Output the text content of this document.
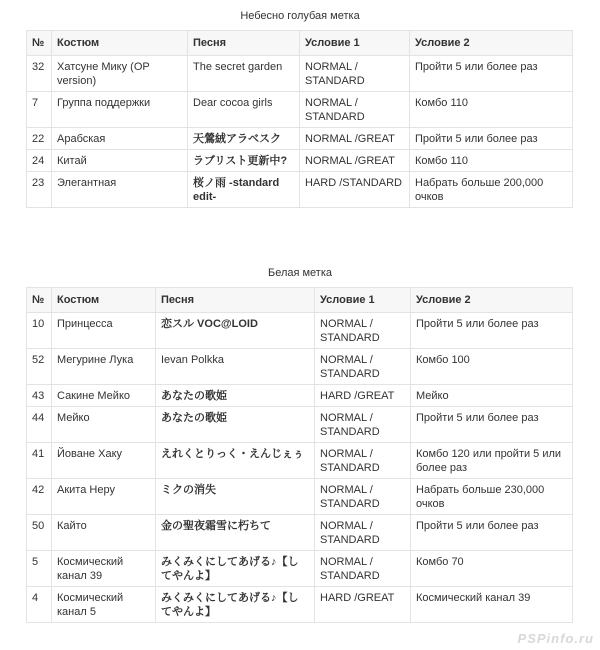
Небесно голубая метка
№	Костюм	Песня	Условие 1	Условие 2
32	Хатсуне Мику (OP version)	The secret garden	NORMAL / STANDARD	Пройти 5 или более раз
7	Группа поддержки	Dear cocoa girls	NORMAL / STANDARD	Комбо 110
22	Арабская	天鶯絨アラベスク	NORMAL /GREAT	Пройти 5 или более раз
24	Китай	ラブリスト更新中?	NORMAL /GREAT	Комбо 110
23	Элегантная	桜ノ雨 -standard edit-	HARD /STANDARD	Набрать больше 200,000 очков
Белая метка
№	Костюм	Песня	Условие 1	Условие 2
10	Принцесса	恋スル VOC@LOID	NORMAL / STANDARD	Пройти 5 или более раз
52	Мегурине Лука	Ievan Polkka	NORMAL / STANDARD	Комбо 100
43	Сакине Мейко	あなたの歌姫	HARD /GREAT	Мейко
44	Мейко	あなたの歌姫	NORMAL / STANDARD	Пройти 5 или более раз
41	Йоване Хаку	えれくとりっく・えんじぇぅ	NORMAL / STANDARD	Комбо 120 или пройти 5 или более раз
42	Акита Неру	ミクの消失	NORMAL / STANDARD	Набрать больше 230,000 очков
50	Кайто	金の聖夜霜雪に朽ちて	NORMAL / STANDARD	Пройти 5 или более раз
5	Космический канал 39	みくみくにしてあげる♪【してやんよ】	NORMAL / STANDARD	Комбо 70
4	Космический канал 5	みくみくにしてあげる♪【してやんよ】	HARD /GREAT	Космический канал 39
PSPinfo.ru
